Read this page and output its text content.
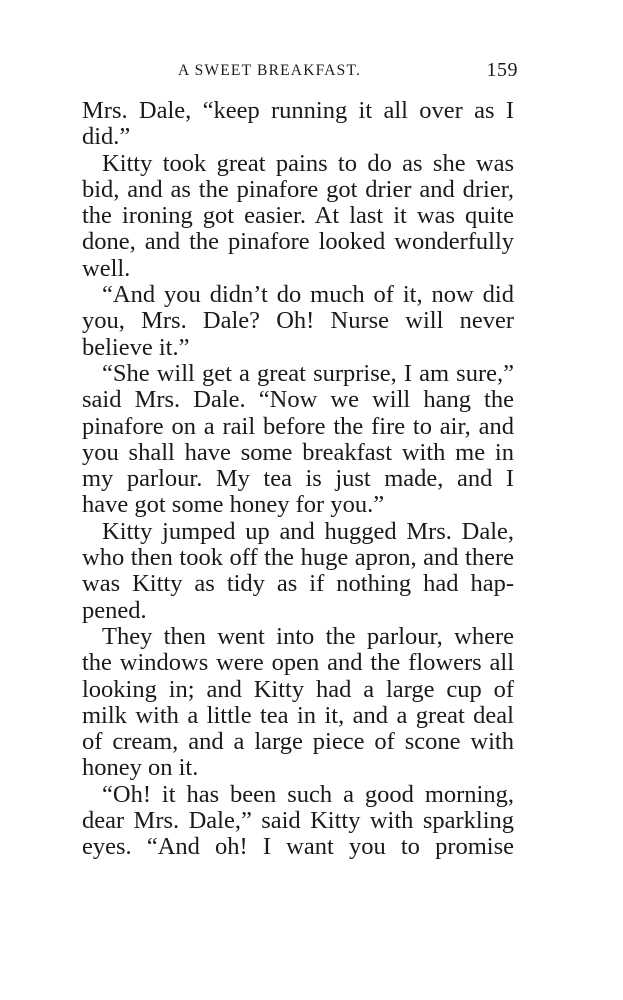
A SWEET BREAKFAST.	159
Mrs. Dale, “keep running it all over as I
did.”
Kitty took great pains to do as she was
bid, and as the pinafore got drier and drier,
the ironing got easier. At last it was quite
done, and the pinafore looked wonderfully
well.
“And you didn’t do much of it, now did
you, Mrs. Dale? Oh! Nurse will never
believe it.”
“She will get a great surprise, I am sure,”
said Mrs. Dale. “Now we will hang the
pinafore on a rail before the fire to air, and
you shall have some breakfast with me in
my parlour. My tea is just made, and I
have got some honey for you.”
Kitty jumped up and hugged Mrs. Dale,
who then took off the huge apron, and there
was Kitty as tidy as if nothing had hap-
pened.
They then went into the parlour, where
the windows were open and the flowers all
looking in; and Kitty had a large cup of
milk with a little tea in it, and a great deal
of cream, and a large piece of scone with
honey on it.
“Oh! it has been such a good morning,
dear Mrs. Dale,” said Kitty with sparkling
eyes. “And oh! I want you to promise
